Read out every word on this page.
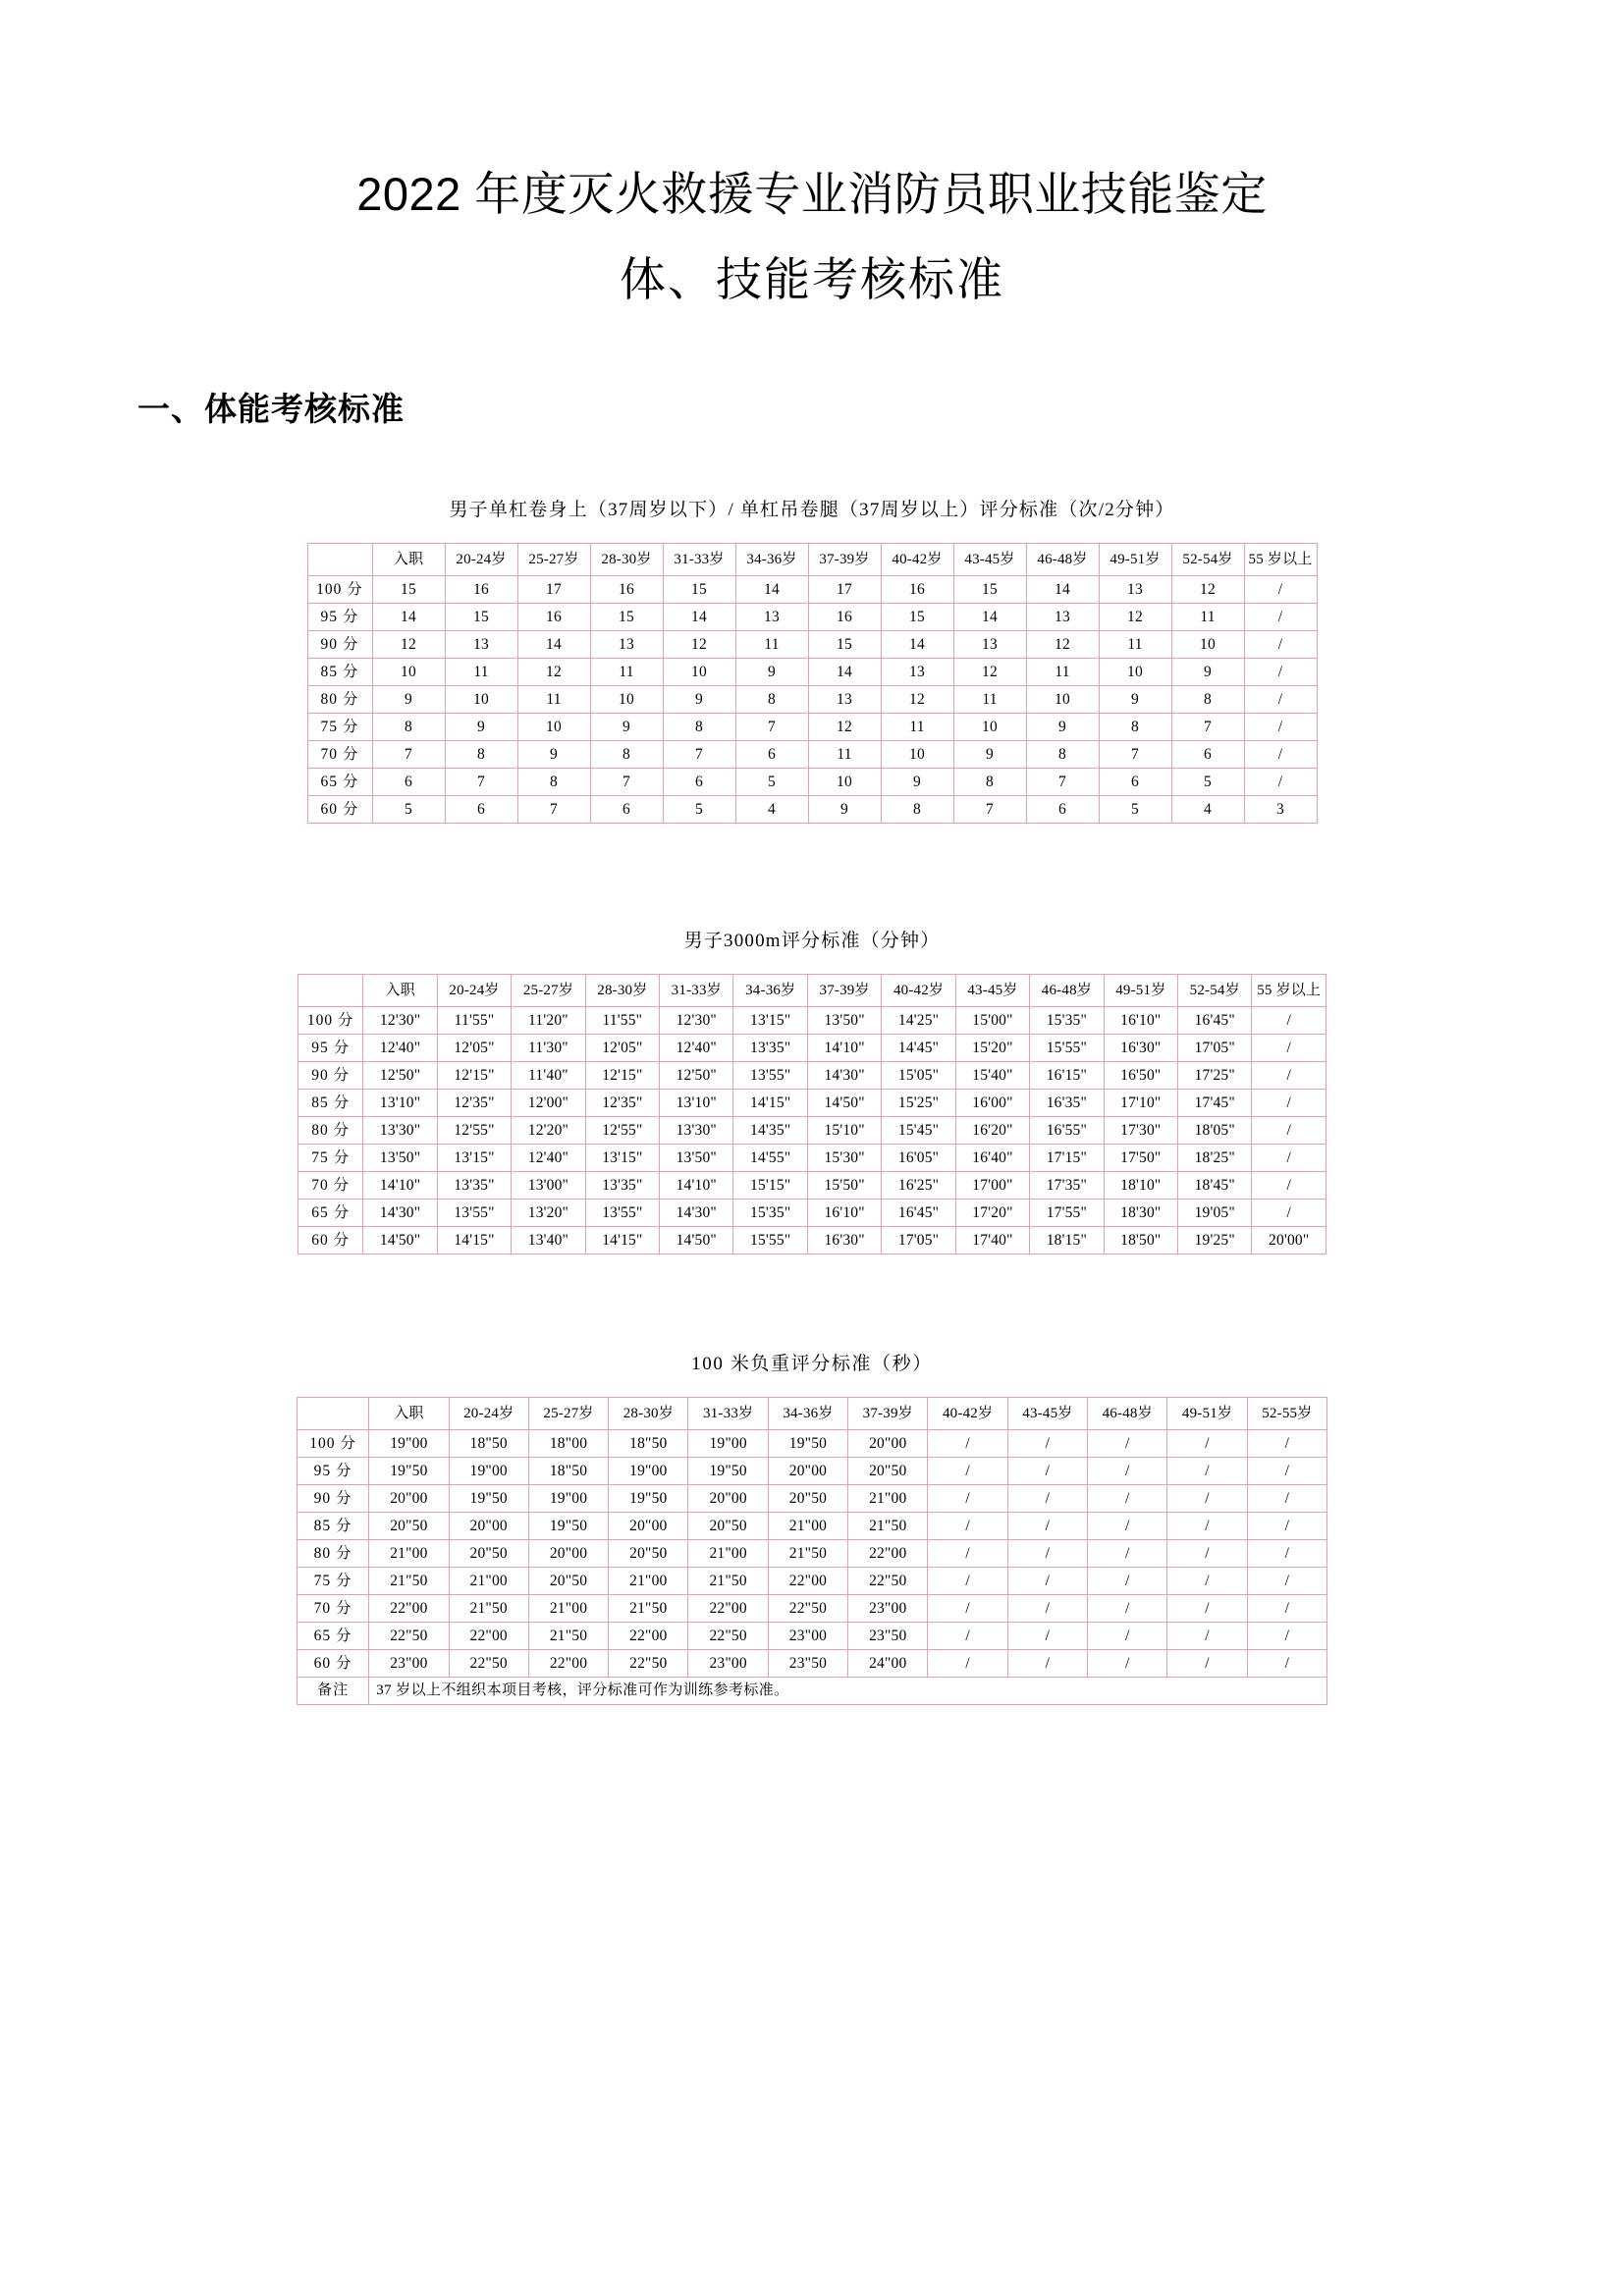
2022 年度灭火救援专业消防员职业技能鉴定
体、技能考核标准
一、体能考核标准
男子单杠卷身上（37周岁以下）/ 单杠吊卷腿（37周岁以上）评分标准（次/2分钟）
	入职	20-24岁	25-27岁	28-30岁	31-33岁	34-36岁	37-39岁	40-42岁	43-45岁	46-48岁	49-51岁	52-54岁	55 岁以上
100 分	15	16	17	16	15	14	17	16	15	14	13	12	/
95 分	14	15	16	15	14	13	16	15	14	13	12	11	/
90 分	12	13	14	13	12	11	15	14	13	12	11	10	/
85 分	10	11	12	11	10	9	14	13	12	11	10	9	/
80 分	9	10	11	10	9	8	13	12	11	10	9	8	/
75 分	8	9	10	9	8	7	12	11	10	9	8	7	/
70 分	7	8	9	8	7	6	11	10	9	8	7	6	/
65 分	6	7	8	7	6	5	10	9	8	7	6	5	/
60 分	5	6	7	6	5	4	9	8	7	6	5	4	3
男子3000m评分标准（分钟）
	入职	20-24岁	25-27岁	28-30岁	31-33岁	34-36岁	37-39岁	40-42岁	43-45岁	46-48岁	49-51岁	52-54岁	55 岁以上
100 分	12'30"	11'55"	11'20"	11'55"	12'30"	13'15"	13'50"	14'25"	15'00"	15'35"	16'10"	16'45"	/
95 分	12'40"	12'05"	11'30"	12'05"	12'40"	13'35"	14'10"	14'45"	15'20"	15'55"	16'30"	17'05"	/
90 分	12'50"	12'15"	11'40"	12'15"	12'50"	13'55"	14'30"	15'05"	15'40"	16'15"	16'50"	17'25"	/
85 分	13'10"	12'35"	12'00"	12'35"	13'10"	14'15"	14'50"	15'25"	16'00"	16'35"	17'10"	17'45"	/
80 分	13'30"	12'55"	12'20"	12'55"	13'30"	14'35"	15'10"	15'45"	16'20"	16'55"	17'30"	18'05"	/
75 分	13'50"	13'15"	12'40"	13'15"	13'50"	14'55"	15'30"	16'05"	16'40"	17'15"	17'50"	18'25"	/
70 分	14'10"	13'35"	13'00"	13'35"	14'10"	15'15"	15'50"	16'25"	17'00"	17'35"	18'10"	18'45"	/
65 分	14'30"	13'55"	13'20"	13'55"	14'30"	15'35"	16'10"	16'45"	17'20"	17'55"	18'30"	19'05"	/
60 分	14'50"	14'15"	13'40"	14'15"	14'50"	15'55"	16'30"	17'05"	17'40"	18'15"	18'50"	19'25"	20'00"
100 米负重评分标准（秒）
	入职	20-24岁	25-27岁	28-30岁	31-33岁	34-36岁	37-39岁	40-42岁	43-45岁	46-48岁	49-51岁	52-55岁
100 分	19"00	18"50	18"00	18"50	19"00	19"50	20"00	/	/	/	/	/
95 分	19"50	19"00	18"50	19"00	19"50	20"00	20"50	/	/	/	/	/
90 分	20"00	19"50	19"00	19"50	20"00	20"50	21"00	/	/	/	/	/
85 分	20"50	20"00	19"50	20"00	20"50	21"00	21"50	/	/	/	/	/
80 分	21"00	20"50	20"00	20"50	21"00	21"50	22"00	/	/	/	/	/
75 分	21"50	21"00	20"50	21"00	21"50	22"00	22"50	/	/	/	/	/
70 分	22"00	21"50	21"00	21"50	22"00	22"50	23"00	/	/	/	/	/
65 分	22"50	22"00	21"50	22"00	22"50	23"00	23"50	/	/	/	/	/
60 分	23"00	22"50	22"00	22"50	23"00	23"50	24"00	/	/	/	/	/
备注	37 岁以上不组织本项目考核，评分标准可作为训练参考标准。											
